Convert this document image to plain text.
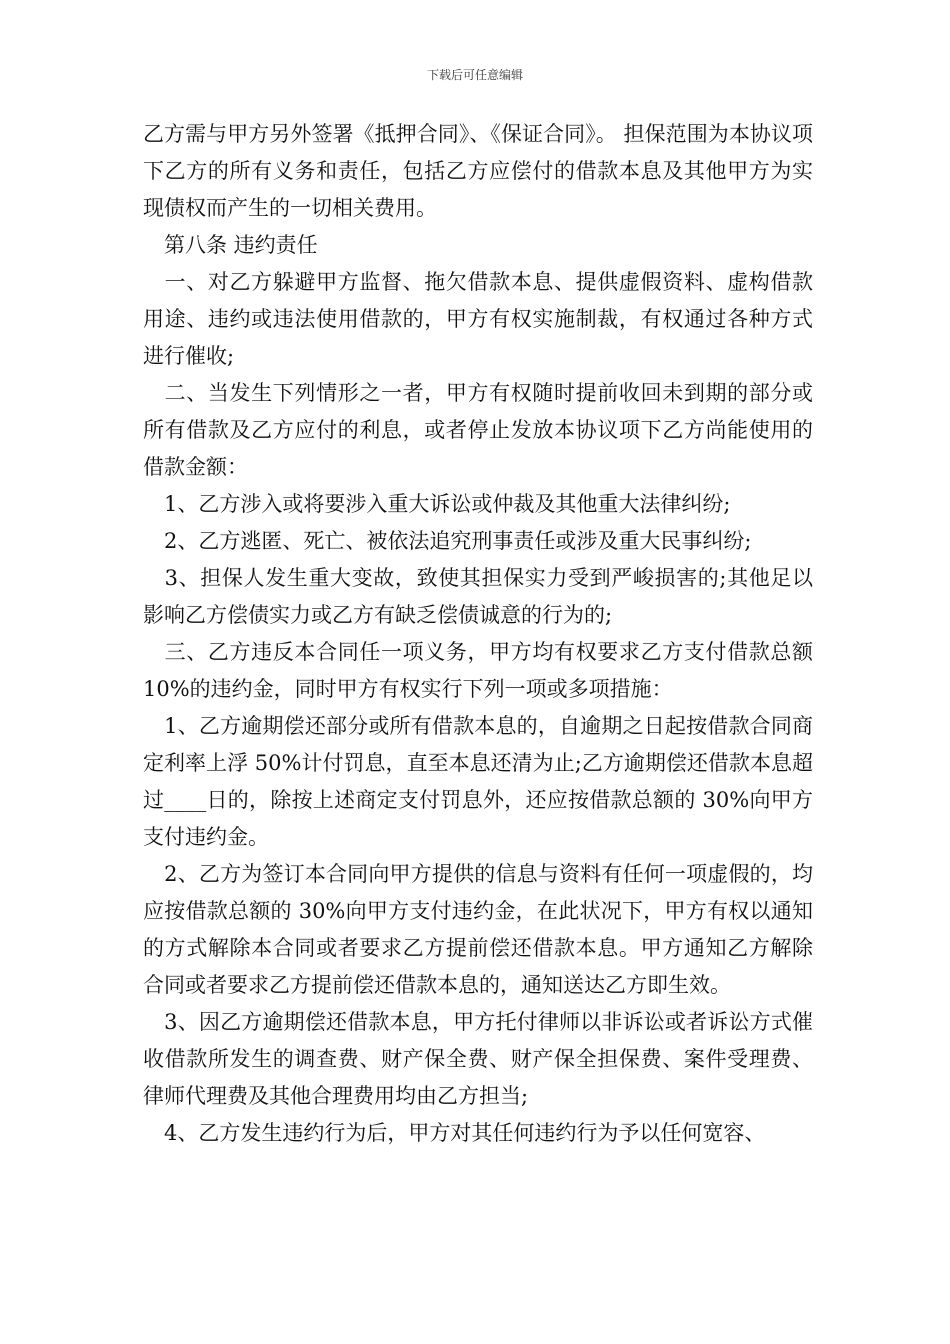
下载后可任意编辑

乙方需与甲方另外签署《抵押合同》、《保证合同》。 担保范围为本协议项下乙方的所有义务和责任，包括乙方应偿付的借款本息及其他甲方为实现债权而产生的一切相关费用。

　第八条 违约责任

　一、对乙方躲避甲方监督、拖欠借款本息、提供虚假资料、虚构借款用途、违约或违法使用借款的，甲方有权实施制裁，有权通过各种方式进行催收;

　二、当发生下列情形之一者，甲方有权随时提前收回未到期的部分或所有借款及乙方应付的利息，或者停止发放本协议项下乙方尚能使用的借款金额：

　1、乙方涉入或将要涉入重大诉讼或仲裁及其他重大法律纠纷;

　2、乙方逃匿、死亡、被依法追究刑事责任或涉及重大民事纠纷;

　3、担保人发生重大变故，致使其担保实力受到严峻损害的;其他足以影响乙方偿债实力或乙方有缺乏偿债诚意的行为的;

　三、乙方违反本合同任一项义务，甲方均有权要求乙方支付借款总额 10%的违约金，同时甲方有权实行下列一项或多项措施：

　1、乙方逾期偿还部分或所有借款本息的，自逾期之日起按借款合同商定利率上浮 50%计付罚息，直至本息还清为止;乙方逾期偿还借款本息超过____日的，除按上述商定支付罚息外，还应按借款总额的 30%向甲方支付违约金。

　2、乙方为签订本合同向甲方提供的信息与资料有任何一项虚假的，均应按借款总额的 30%向甲方支付违约金，在此状况下，甲方有权以通知的方式解除本合同或者要求乙方提前偿还借款本息。甲方通知乙方解除合同或者要求乙方提前偿还借款本息的，通知送达乙方即生效。

　3、因乙方逾期偿还借款本息，甲方托付律师以非诉讼或者诉讼方式催收借款所发生的调查费、财产保全费、财产保全担保费、案件受理费、律师代理费及其他合理费用均由乙方担当;

　4、乙方发生违约行为后，甲方对其任何违约行为予以任何宽容、
